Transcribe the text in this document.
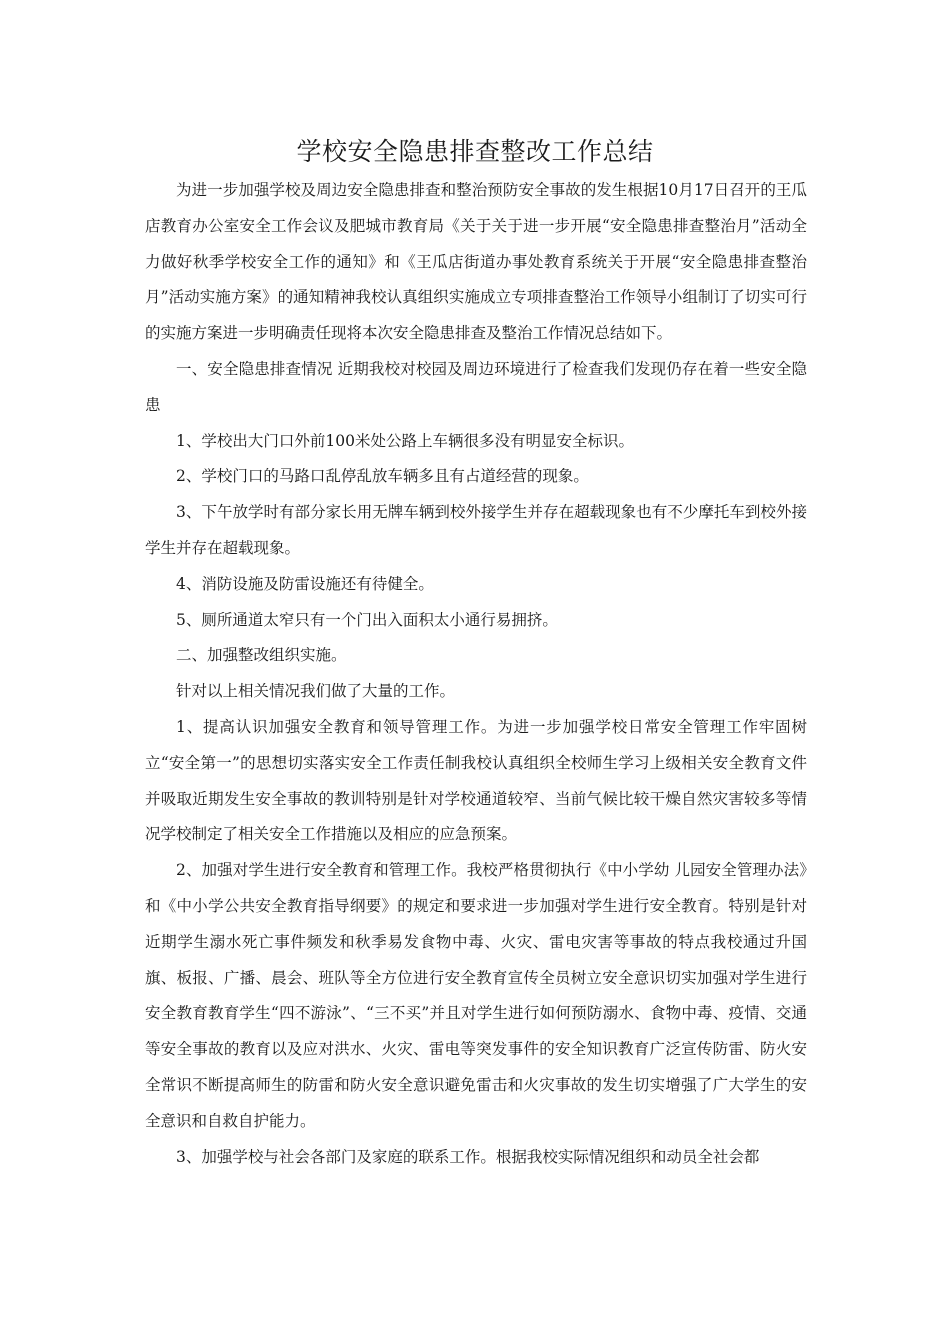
学校安全隐患排查整改工作总结

为进一步加强学校及周边安全隐患排查和整治预防安全事故的发生根据10月17日召开的王瓜店教育办公室安全工作会议及肥城市教育局《关于关于进一步开展“安全隐患排查整治月”活动全力做好秋季学校安全工作的通知》和《王瓜店街道办事处教育系统关于开展“安全隐患排查整治月”活动实施方案》的通知精神我校认真组织实施成立专项排查整治工作领导小组制订了切实可行的实施方案进一步明确责任现将本次安全隐患排查及整治工作情况总结如下。

一、安全隐患排查情况 近期我校对校园及周边环境进行了检查我们发现仍存在着一些安全隐患

1、学校出大门口外前100米处公路上车辆很多没有明显安全标识。

2、学校门口的马路口乱停乱放车辆多且有占道经营的现象。

3、下午放学时有部分家长用无牌车辆到校外接学生并存在超载现象也有不少摩托车到校外接学生并存在超载现象。

4、消防设施及防雷设施还有待健全。

5、厕所通道太窄只有一个门出入面积太小通行易拥挤。

二、加强整改组织实施。

针对以上相关情况我们做了大量的工作。

1、提高认识加强安全教育和领导管理工作。为进一步加强学校日常安全管理工作牢固树立“安全第一”的思想切实落实安全工作责任制我校认真组织全校师生学习上级相关安全教育文件并吸取近期发生安全事故的教训特别是针对学校通道较窄、当前气候比较干燥自然灾害较多等情况学校制定了相关安全工作措施以及相应的应急预案。

2、加强对学生进行安全教育和管理工作。我校严格贯彻执行《中小学幼 儿园安全管理办法》和《中小学公共安全教育指导纲要》的规定和要求进一步加强对学生进行安全教育。特别是针对近期学生溺水死亡事件频发和秋季易发食物中毒、火灾、雷电灾害等事故的特点我校通过升国旗、板报、广播、晨会、班队等全方位进行安全教育宣传全员树立安全意识切实加强对学生进行安全教育教育学生“四不游泳”、“三不买”并且对学生进行如何预防溺水、食物中毒、疫情、交通等安全事故的教育以及应对洪水、火灾、雷电等突发事件的安全知识教育广泛宣传防雷、防火安全常识不断提高师生的防雷和防火安全意识避免雷击和火灾事故的发生切实增强了广大学生的安全意识和自救自护能力。

3、加强学校与社会各部门及家庭的联系工作。根据我校实际情况组织和动员全社会都
